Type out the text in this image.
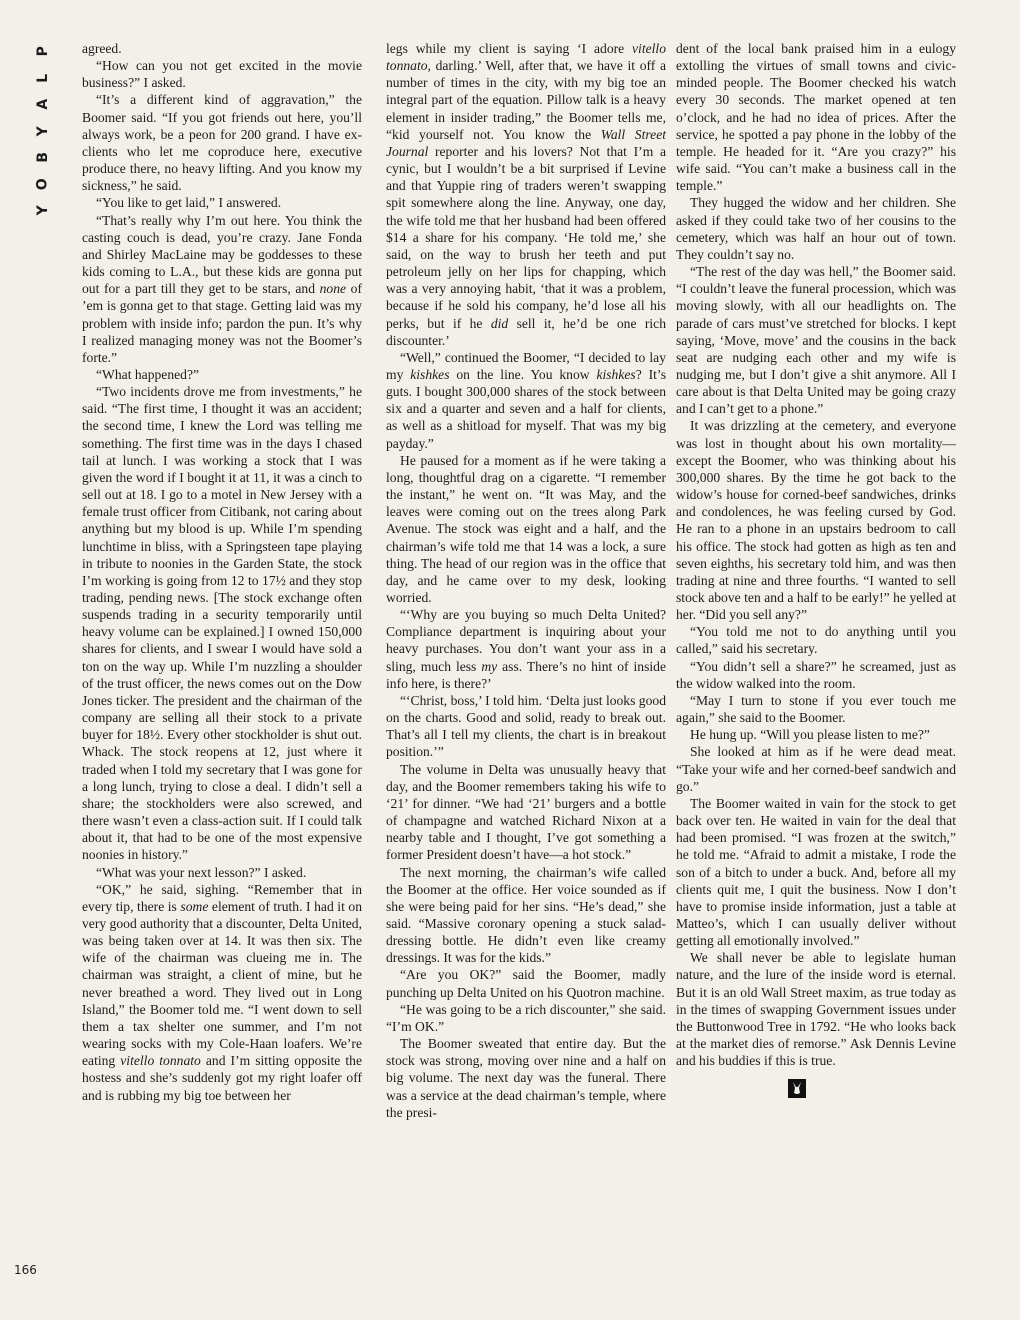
P
L
A
Y
B
O
Y

agreed.

“How can you not get excited in the movie business?” I asked.

“It’s a different kind of aggravation,” the Boomer said. “If you got friends out here, you’ll always work, be a peon for 200 grand. I have ex-clients who let me coproduce here, executive produce there, no heavy lifting. And you know my sickness,” he said.

“You like to get laid,” I answered.

“That’s really why I’m out here. You think the casting couch is dead, you’re crazy. Jane Fonda and Shirley MacLaine may be goddesses to these kids coming to L.A., but these kids are gonna put out for a part till they get to be stars, and none of ’em is gonna get to that stage. Getting laid was my problem with inside info; pardon the pun. It’s why I realized managing money was not the Boomer’s forte.”

“What happened?”

“Two incidents drove me from investments,” he said. “The first time, I thought it was an accident; the second time, I knew the Lord was telling me something. The first time was in the days I chased tail at lunch. I was working a stock that I was given the word if I bought it at 11, it was a cinch to sell out at 18. I go to a motel in New Jersey with a female trust officer from Citibank, not caring about anything but my blood is up. While I’m spending lunchtime in bliss, with a Springsteen tape playing in tribute to noonies in the Garden State, the stock I’m working is going from 12 to 17½ and they stop trading, pending news. [The stock exchange often suspends trading in a security temporarily until heavy volume can be explained.] I owned 150,000 shares for clients, and I swear I would have sold a ton on the way up. While I’m nuzzling a shoulder of the trust officer, the news comes out on the Dow Jones ticker. The president and the chairman of the company are selling all their stock to a private buyer for 18½. Every other stockholder is shut out. Whack. The stock reopens at 12, just where it traded when I told my secretary that I was gone for a long lunch, trying to close a deal. I didn’t sell a share; the stockholders were also screwed, and there wasn’t even a class-action suit. If I could talk about it, that had to be one of the most expensive noonies in history.”

“What was your next lesson?” I asked.

“OK,” he said, sighing. “Remember that in every tip, there is some element of truth. I had it on very good authority that a discounter, Delta United, was being taken over at 14. It was then six. The wife of the chairman was clueing me in. The chairman was straight, a client of mine, but he never breathed a word. They lived out in Long Island,” the Boomer told me. “I went down to sell them a tax shelter one summer, and I’m not wearing socks with my Cole-Haan loafers. We’re eating vitello tonnato and I’m sitting opposite the hostess and she’s suddenly got my right loafer off and is rubbing my big toe between her

legs while my client is saying ‘I adore vitello tonnato, darling.’ Well, after that, we have it off a number of times in the city, with my big toe an integral part of the equation. Pillow talk is a heavy element in insider trading,” the Boomer tells me, “kid yourself not. You know the Wall Street Journal reporter and his lovers? Not that I’m a cynic, but I wouldn’t be a bit surprised if Levine and that Yuppie ring of traders weren’t swapping spit somewhere along the line. Anyway, one day, the wife told me that her husband had been offered $14 a share for his company. ‘He told me,’ she said, on the way to brush her teeth and put petroleum jelly on her lips for chapping, which was a very annoying habit, ‘that it was a problem, because if he sold his company, he’d lose all his perks, but if he did sell it, he’d be one rich discounter.’

“Well,” continued the Boomer, “I decided to lay my kishkes on the line. You know kishkes? It’s guts. I bought 300,000 shares of the stock between six and a quarter and seven and a half for clients, as well as a shitload for myself. That was my big payday.”

He paused for a moment as if he were taking a long, thoughtful drag on a cigarette. “I remember the instant,” he went on. “It was May, and the leaves were coming out on the trees along Park Avenue. The stock was eight and a half, and the chairman’s wife told me that 14 was a lock, a sure thing. The head of our region was in the office that day, and he came over to my desk, looking worried.

“‘Why are you buying so much Delta United? Compliance department is inquiring about your heavy purchases. You don’t want your ass in a sling, much less my ass. There’s no hint of inside info here, is there?’

“‘Christ, boss,’ I told him. ‘Delta just looks good on the charts. Good and solid, ready to break out. That’s all I tell my clients, the chart is in breakout position.’”

The volume in Delta was unusually heavy that day, and the Boomer remembers taking his wife to ‘21’ for dinner. “We had ‘21’ burgers and a bottle of champagne and watched Richard Nixon at a nearby table and I thought, I’ve got something a former President doesn’t have—a hot stock.”

The next morning, the chairman’s wife called the Boomer at the office. Her voice sounded as if she were being paid for her sins. “He’s dead,” she said. “Massive coronary opening a stuck salad-dressing bottle. He didn’t even like creamy dressings. It was for the kids.”

“Are you OK?” said the Boomer, madly punching up Delta United on his Quotron machine.

“He was going to be a rich discounter,” she said. “I’m OK.”

The Boomer sweated that entire day. But the stock was strong, moving over nine and a half on big volume. The next day was the funeral. There was a service at the dead chairman’s temple, where the presi-

dent of the local bank praised him in a eulogy extolling the virtues of small towns and civic-minded people. The Boomer checked his watch every 30 seconds. The market opened at ten o’clock, and he had no idea of prices. After the service, he spotted a pay phone in the lobby of the temple. He headed for it. “Are you crazy?” his wife said. “You can’t make a business call in the temple.”

They hugged the widow and her children. She asked if they could take two of her cousins to the cemetery, which was half an hour out of town. They couldn’t say no.

“The rest of the day was hell,” the Boomer said. “I couldn’t leave the funeral procession, which was moving slowly, with all our headlights on. The parade of cars must’ve stretched for blocks. I kept saying, ‘Move, move’ and the cousins in the back seat are nudging each other and my wife is nudging me, but I don’t give a shit anymore. All I care about is that Delta United may be going crazy and I can’t get to a phone.”

It was drizzling at the cemetery, and everyone was lost in thought about his own mortality—except the Boomer, who was thinking about his 300,000 shares. By the time he got back to the widow’s house for corned-beef sandwiches, drinks and condolences, he was feeling cursed by God. He ran to a phone in an upstairs bedroom to call his office. The stock had gotten as high as ten and seven eighths, his secretary told him, and was then trading at nine and three fourths. “I wanted to sell stock above ten and a half to be early!” he yelled at her. “Did you sell any?”

“You told me not to do anything until you called,” said his secretary.

“You didn’t sell a share?” he screamed, just as the widow walked into the room.

“May I turn to stone if you ever touch me again,” she said to the Boomer.

He hung up. “Will you please listen to me?”

She looked at him as if he were dead meat. “Take your wife and her corned-beef sandwich and go.”

The Boomer waited in vain for the stock to get back over ten. He waited in vain for the deal that had been promised. “I was frozen at the switch,” he told me. “Afraid to admit a mistake, I rode the son of a bitch to under a buck. And, before all my clients quit me, I quit the business. Now I don’t have to promise inside information, just a table at Matteo’s, which I can usually deliver without getting all emotionally involved.”

We shall never be able to legislate human nature, and the lure of the inside word is eternal. But it is an old Wall Street maxim, as true today as in the times of swapping Government issues under the Buttonwood Tree in 1792. “He who looks back at the market dies of remorse.” Ask Dennis Levine and his buddies if this is true.

166
